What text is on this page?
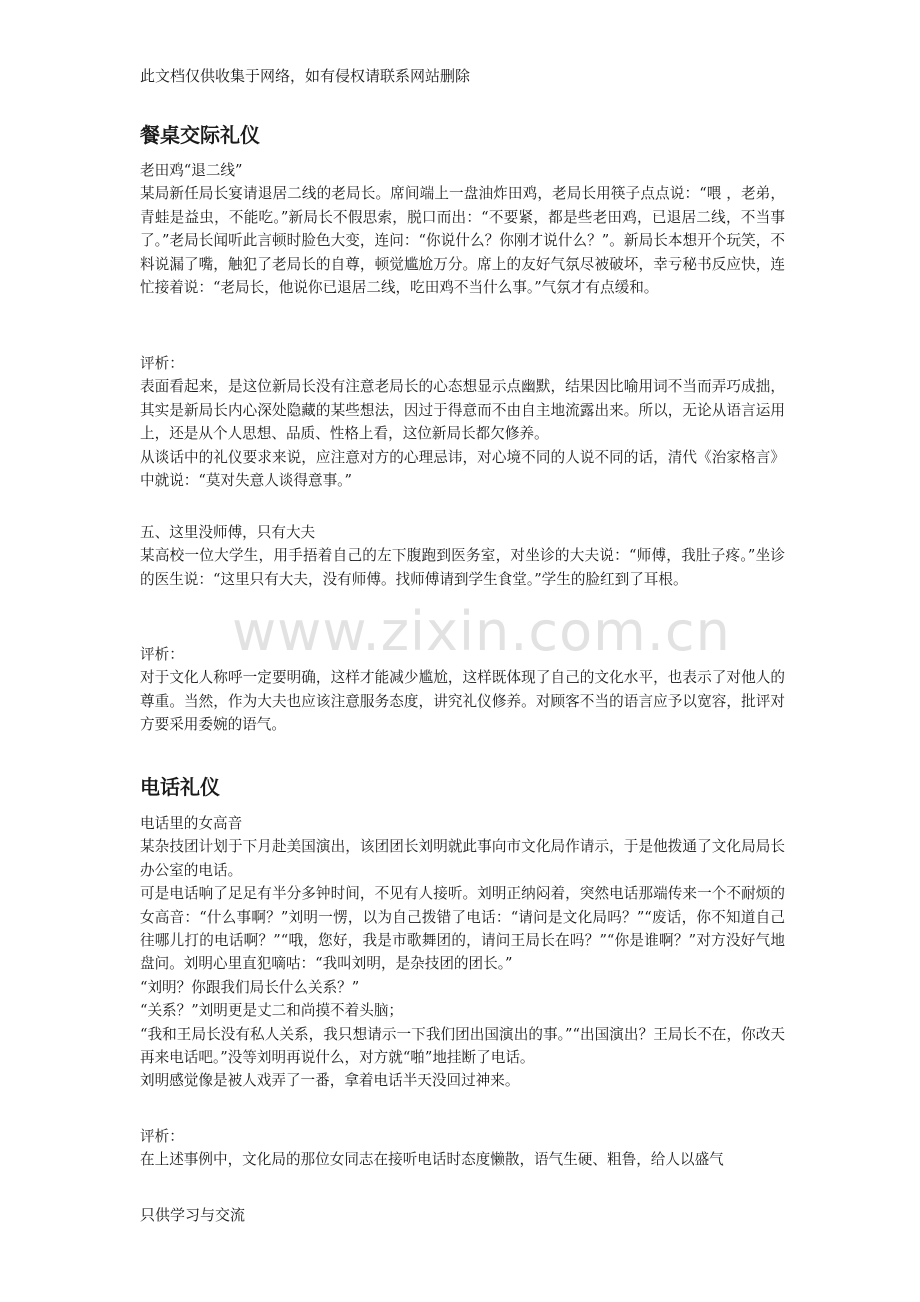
此文档仅供收集于网络，如有侵权请联系网站删除
www.zixin.com.cn
餐桌交际礼仪

老田鸡“退二线”

某局新任局长宴请退居二线的老局长。席间端上一盘油炸田鸡，老局长用筷子点点说：“喂 ，老弟，青蛙是益虫，不能吃。”新局长不假思索，脱口而出：“不要紧，都是些老田鸡，已退居二线，不当事了。”老局长闻听此言顿时脸色大变，连问：“你说什么？你刚才说什么？”。新局长本想开个玩笑，不料说漏了嘴，触犯了老局长的自尊，顿觉尴尬万分。席上的友好气氛尽被破坏，幸亏秘书反应快，连忙接着说：“老局长，他说你已退居二线，吃田鸡不当什么事。”气氛才有点缓和。

评析：

表面看起来，是这位新局长没有注意老局长的心态想显示点幽默，结果因比喻用词不当而弄巧成拙，其实是新局长内心深处隐藏的某些想法，因过于得意而不由自主地流露出来。所以，无论从语言运用上，还是从个人思想、品质、性格上看，这位新局长都欠修养。

从谈话中的礼仪要求来说，应注意对方的心理忌讳，对心境不同的人说不同的话，清代《治家格言》中就说：“莫对失意人谈得意事。”

五、这里没师傅，只有大夫

某高校一位大学生，用手捂着自己的左下腹跑到医务室，对坐诊的大夫说：“师傅，我肚子疼。”坐诊的医生说：“这里只有大夫，没有师傅。找师傅请到学生食堂。”学生的脸红到了耳根。

评析：

对于文化人称呼一定要明确，这样才能减少尴尬，这样既体现了自己的文化水平，也表示了对他人的尊重。当然，作为大夫也应该注意服务态度，讲究礼仪修养。对顾客不当的语言应予以宽容，批评对方要采用委婉的语气。

电话礼仪

电话里的女高音

某杂技团计划于下月赴美国演出，该团团长刘明就此事向市文化局作请示，于是他拨通了文化局局长办公室的电话。

可是电话响了足足有半分多钟时间，不见有人接听。刘明正纳闷着，突然电话那端传来一个不耐烦的女高音：“什么事啊？”刘明一愣，以为自己拨错了电话：“请问是文化局吗？”“废话，你不知道自己往哪儿打的电话啊？”“哦，您好，我是市歌舞团的，请问王局长在吗？”“你是谁啊？”对方没好气地盘问。刘明心里直犯嘀咕：“我叫刘明，是杂技团的团长。”

“刘明？你跟我们局长什么关系？”

“关系？”刘明更是丈二和尚摸不着头脑；

“我和王局长没有私人关系，我只想请示一下我们团出国演出的事。”“出国演出？王局长不在，你改天再来电话吧。”没等刘明再说什么，对方就“啪”地挂断了电话。

刘明感觉像是被人戏弄了一番，拿着电话半天没回过神来。

评析：

在上述事例中，文化局的那位女同志在接听电话时态度懒散，语气生硬、粗鲁，给人以盛气

只供学习与交流
